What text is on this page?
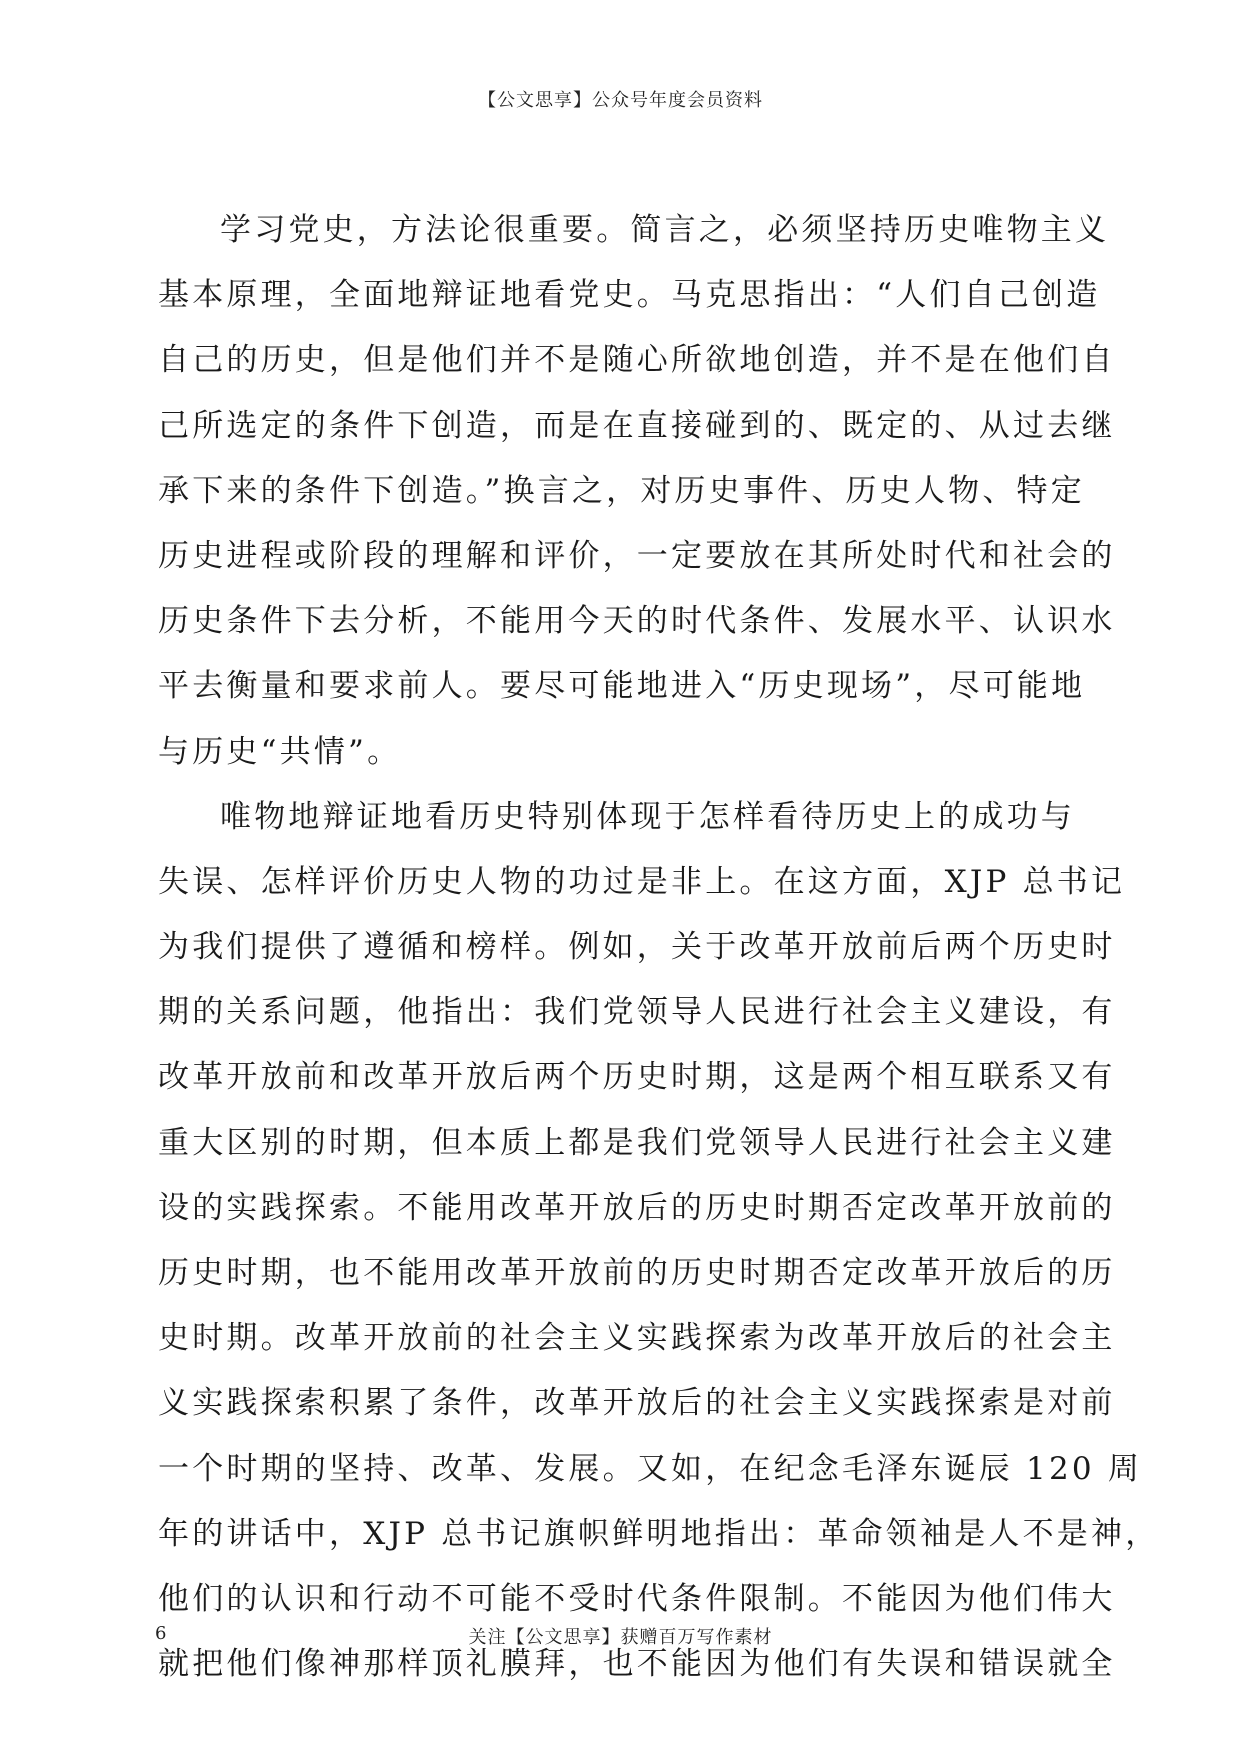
【公文思享】公众号年度会员资料
学习党史，方法论很重要。简言之，必须坚持历史唯物主义
基本原理，全面地辩证地看党史。马克思指出：“人们自己创造
自己的历史，但是他们并不是随心所欲地创造，并不是在他们自
己所选定的条件下创造，而是在直接碰到的、既定的、从过去继
承下来的条件下创造。”换言之，对历史事件、历史人物、特定
历史进程或阶段的理解和评价，一定要放在其所处时代和社会的
历史条件下去分析，不能用今天的时代条件、发展水平、认识水
平去衡量和要求前人。要尽可能地进入“历史现场”，尽可能地
与历史“共情”。
唯物地辩证地看历史特别体现于怎样看待历史上的成功与
失误、怎样评价历史人物的功过是非上。在这方面，XJP 总书记
为我们提供了遵循和榜样。例如，关于改革开放前后两个历史时
期的关系问题，他指出：我们党领导人民进行社会主义建设，有
改革开放前和改革开放后两个历史时期，这是两个相互联系又有
重大区别的时期，但本质上都是我们党领导人民进行社会主义建
设的实践探索。不能用改革开放后的历史时期否定改革开放前的
历史时期，也不能用改革开放前的历史时期否定改革开放后的历
史时期。改革开放前的社会主义实践探索为改革开放后的社会主
义实践探索积累了条件，改革开放后的社会主义实践探索是对前
一个时期的坚持、改革、发展。又如，在纪念毛泽东诞辰 120 周
年的讲话中，XJP 总书记旗帜鲜明地指出：革命领袖是人不是神，
他们的认识和行动不可能不受时代条件限制。不能因为他们伟大
就把他们像神那样顶礼膜拜，也不能因为他们有失误和错误就全
6	关注【公文思享】获赠百万写作素材
